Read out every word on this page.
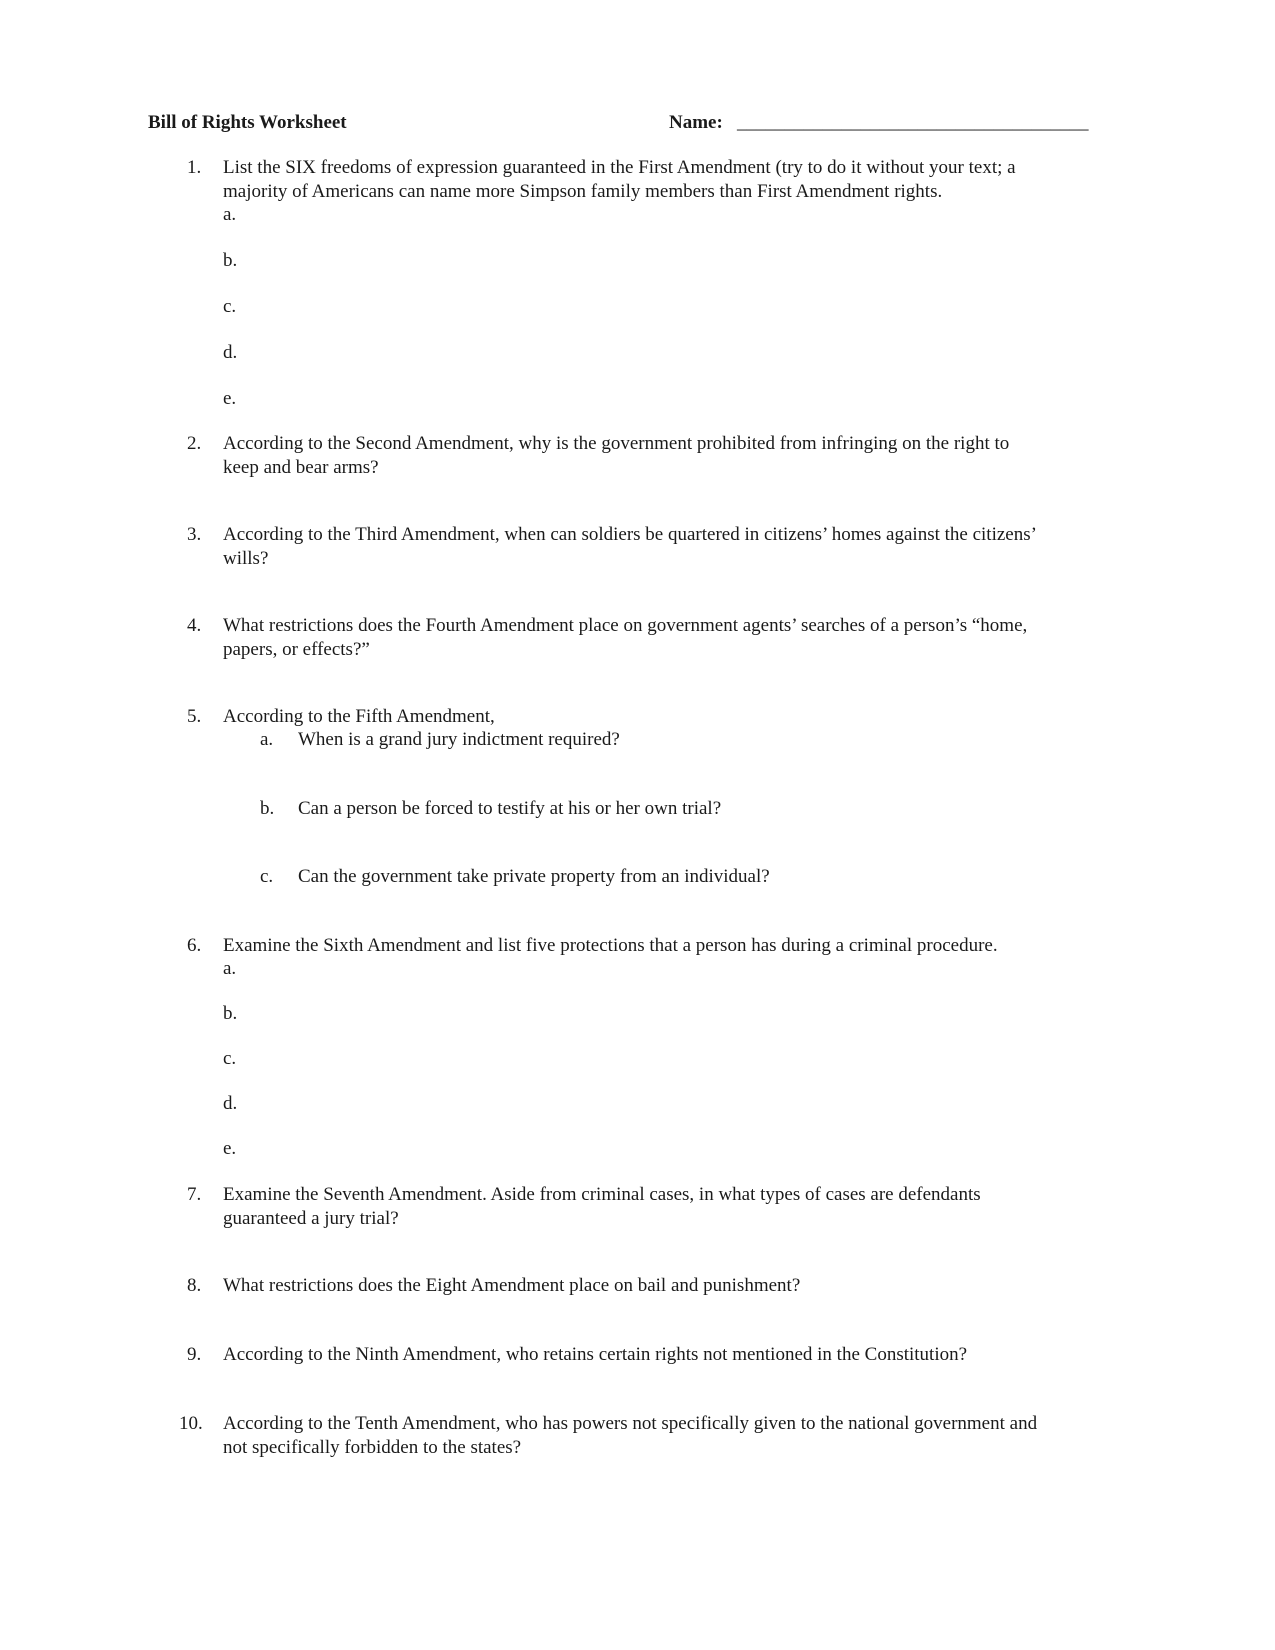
Bill of Rights Worksheet	Name: _____________________________________
1. List the SIX freedoms of expression guaranteed in the First Amendment (try to do it without your text; a
majority of Americans can name more Simpson family members than First Amendment rights.
a.
b.
c.
d.
e.
2. According to the Second Amendment, why is the government prohibited from infringing on the right to
keep and bear arms?
3. According to the Third Amendment, when can soldiers be quartered in citizens’ homes against the citizens’
wills?
4. What restrictions does the Fourth Amendment place on government agents’ searches of a person’s “home,
papers, or effects?”
5. According to the Fifth Amendment,
a. When is a grand jury indictment required?
b. Can a person be forced to testify at his or her own trial?
c. Can the government take private property from an individual?
6. Examine the Sixth Amendment and list five protections that a person has during a criminal procedure.
a.
b.
c.
d.
e.
7. Examine the Seventh Amendment. Aside from criminal cases, in what types of cases are defendants
guaranteed a jury trial?
8. What restrictions does the Eight Amendment place on bail and punishment?
9. According to the Ninth Amendment, who retains certain rights not mentioned in the Constitution?
10. According to the Tenth Amendment, who has powers not specifically given to the national government and
not specifically forbidden to the states?
